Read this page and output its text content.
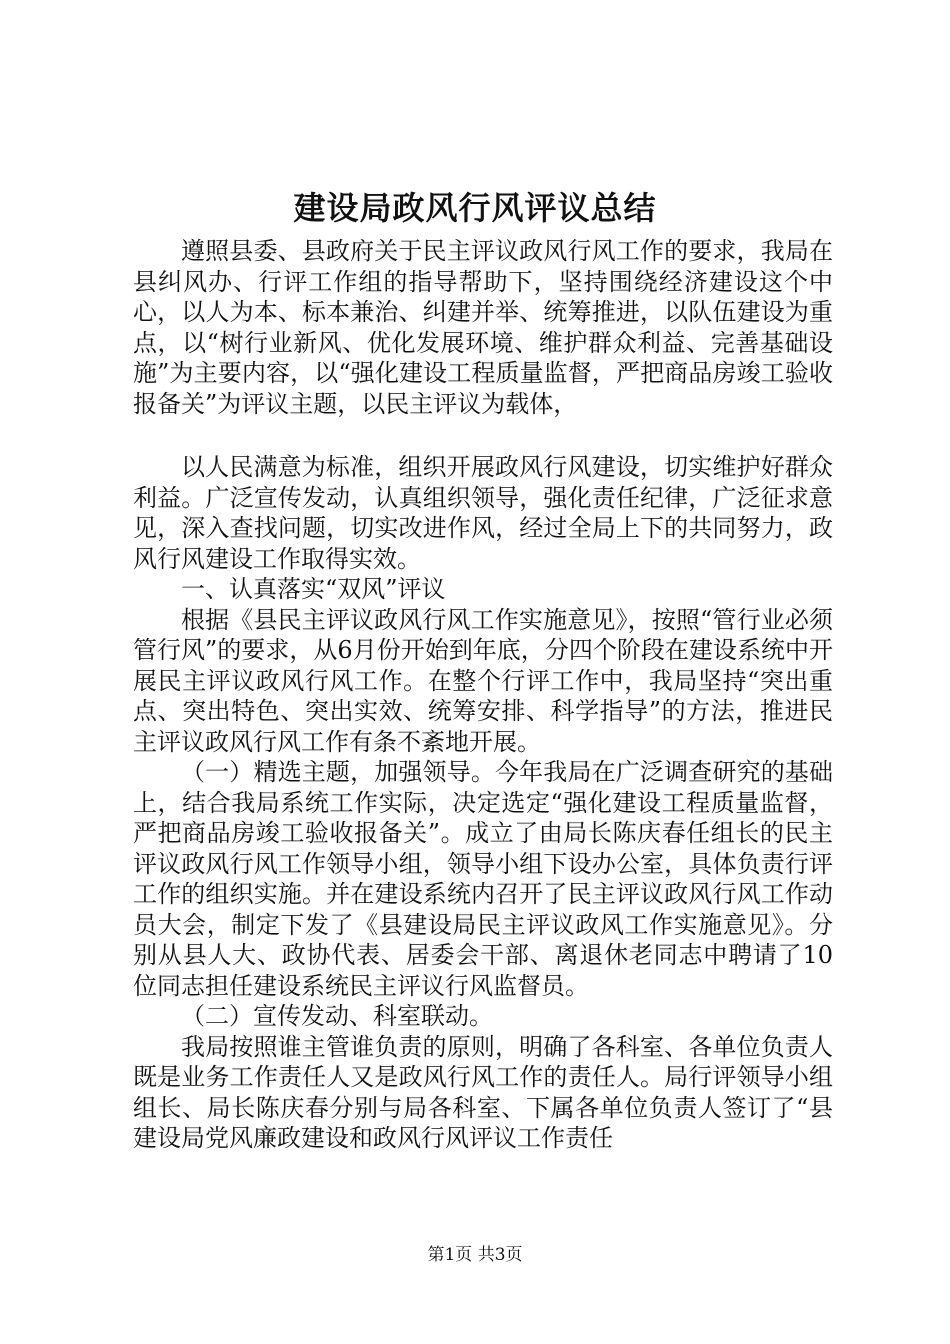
建设局政风行风评议总结

遵照县委、县政府关于民主评议政风行风工作的要求，我局在县纠风办、行评工作组的指导帮助下，坚持围绕经济建设这个中心，以人为本、标本兼治、纠建并举、统筹推进，以队伍建设为重点，以“树行业新风、优化发展环境、维护群众利益、完善基础设施”为主要内容，以“强化建设工程质量监督，严把商品房竣工验收报备关”为评议主题，以民主评议为载体，

以人民满意为标准，组织开展政风行风建设，切实维护好群众利益。广泛宣传发动，认真组织领导，强化责任纪律，广泛征求意见，深入查找问题，切实改进作风，经过全局上下的共同努力，政风行风建设工作取得实效。

一、认真落实“双风”评议

根据《县民主评议政风行风工作实施意见》，按照“管行业必须管行风”的要求，从6月份开始到年底，分四个阶段在建设系统中开展民主评议政风行风工作。在整个行评工作中，我局坚持“突出重点、突出特色、突出实效、统筹安排、科学指导”的方法，推进民主评议政风行风工作有条不紊地开展。

（一）精选主题，加强领导。今年我局在广泛调查研究的基础上，结合我局系统工作实际，决定选定“强化建设工程质量监督，严把商品房竣工验收报备关”。成立了由局长陈庆春任组长的民主评议政风行风工作领导小组，领导小组下设办公室，具体负责行评工作的组织实施。并在建设系统内召开了民主评议政风行风工作动员大会，制定下发了《县建设局民主评议政风工作实施意见》。分别从县人大、政协代表、居委会干部、离退休老同志中聘请了10位同志担任建设系统民主评议行风监督员。

（二）宣传发动、科室联动。

我局按照谁主管谁负责的原则，明确了各科室、各单位负责人既是业务工作责任人又是政风行风工作的责任人。局行评领导小组组长、局长陈庆春分别与局各科室、下属各单位负责人签订了“县建设局党风廉政建设和政风行风评议工作责任

第1页 共3页
